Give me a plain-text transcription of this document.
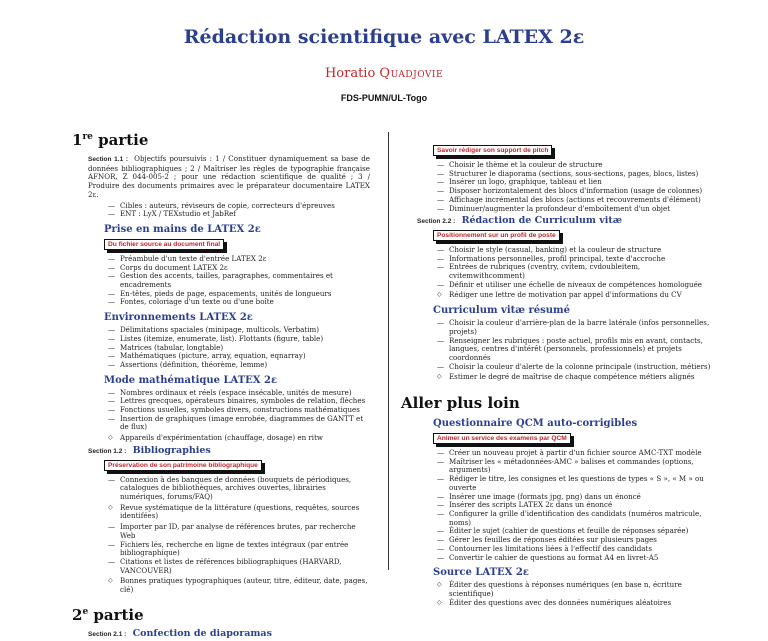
Rédaction scientifique avec LATEX 2ε
Horatio Quadjovie
FDS-PUMN/UL-Togo
1re partie
Section 1.1 : Objectifs poursuivis : 1 / Constituer dynamiquement sa base de données bibliographiques ; 2 / Maîtriser les règles de typographie française AFNOR, Z 044-005-2 ; pour une rédaction scientifique de qualité ; 3 / Produire des documents primaires avec le préparateur documentaire LATEX 2ε.
— Cibles : auteurs, réviseurs de copie, correcteurs d'épreuves
— ENT : LyX / TEXstudio et JabRef
Prise en mains de LATEX 2ε
Du fichier source au document final
— Préambule d'un texte d'entrée LATEX 2ε
— Corps du document LATEX 2ε
— Gestion des accents, tailles, paragraphes, commentaires et encadrements
— En-têtes, pieds de page, espacements, unités de longueurs
— Fontes, coloriage d'un texte ou d'une boîte
Environnements LATEX 2ε
— Délimitations spaciales (minipage, multicols, Verbatim)
— Listes (itemize, enumerate, list). Flottants (figure, table)
— Matrices (tabular, longtable)
— Mathématiques (picture, array, equation, eqnarray)
— Assertions (définition, théorème, lemme)
Mode mathématique LATEX 2ε
— Nombres ordinaux et réels (espace insécable, unités de mesure)
— Lettres grecques, opérateurs binaires, symboles de relation, flèches
— Fonctions usuelles, symboles divers, constructions mathématiques
— Insertion de graphiques (image enrobée, diagrammes de GANTT et de flux)
◇ Appareils d'expérimentation (chauffage, dosage) en ritw
Section 1.2 : Bibliographies
Préservation de son patrimoine bibliographique
— Connexion à des banques de données (bouquets de périodiques, catalogues de bibliothèques, archives ouvertes, librairies numériques, forums/FAQ)
◇ Revue systématique de la littérature (questions, requêtes, sources identifées)
— Importer par ID, par analyse de références brutes, par recherche Web
— Fichiers lés, recherche en ligne de textes intégraux (par entrée bibliographique)
— Citations et listes de références bibliographiques (HARVARD, VANCOUVER)
◇ Bonnes pratiques typographiques (auteur, titre, éditeur, date, pages, clé)
2e partie
Section 2.1 : Confection de diaporamas
Savoir rédiger son support de pitch
— Choisir le thème et la couleur de structure
— Structurer le diaporama (sections, sous-sections, pages, blocs, listes)
— Insérer un logo, graphique, tableau et lien
— Disposer horizontalement des blocs d'information (usage de colonnes)
— Affichage incrémental des blocs (actions et recouvrements d'élément)
— Diminuer/augmenter la profondeur d'emboîtement d'un objet
Section 2.2 : Rédaction de Curriculum vitæ
Positionnement sur un profil de poste
— Choisir le style (casual, banking) et la couleur de structure
— Informations personnelles, profil principal, texte d'accroche
— Entrées de rubriques (cventry, cvitem, cvdoubleitem, cvitemwithcomment)
— Définir et utiliser une échelle de niveaux de compétences homologuée
◇ Rédiger une lettre de motivation par appel d'informations du CV
Curriculum vitæ résumé
— Choisir la couleur d'arrière-plan de la barre latérale (infos personnelles, projets)
— Renseigner les rubriques : poste actuel, profils mis en avant, contacts, langues, centres d'intérêt (personnels, professionnels) et projets coordonnés
— Choisir la couleur d'alerte de la colonne principale (instruction, métiers)
◇ Estimer le degré de maîtrise de chaque compétence métiers alignés
Aller plus loin
Questionnaire QCM auto-corrigibles
Animer un service des examens par QCM
— Créer un nouveau projet à partir d'un fichier source AMC-TXT modèle
— Maîtriser les « métadonnées-AMC » balises et commandes (options, arguments)
— Rédiger le titre, les consignes et les questions de types « S », « M » ou ouverte
— Insérer une image (formats jpg, png) dans un énoncé
— Insérer des scripts LATEX 2ε dans un énoncé
— Configurer la grille d'identification des candidats (numéros matricule, noms)
— Éditer le sujet (cahier de questions et feuille de réponses séparée)
— Gérer les feuilles de réponses éditées sur plusieurs pages
— Contourner les limitations liées à l'effectif des candidats
— Convertir le cahier de questions au format A4 en livret-A5
Source LATEX 2ε
◇ Éditer des questions à réponses numériques (en base n, écriture scientifique)
◇ Éditer des questions avec des données numériques aléatoires
